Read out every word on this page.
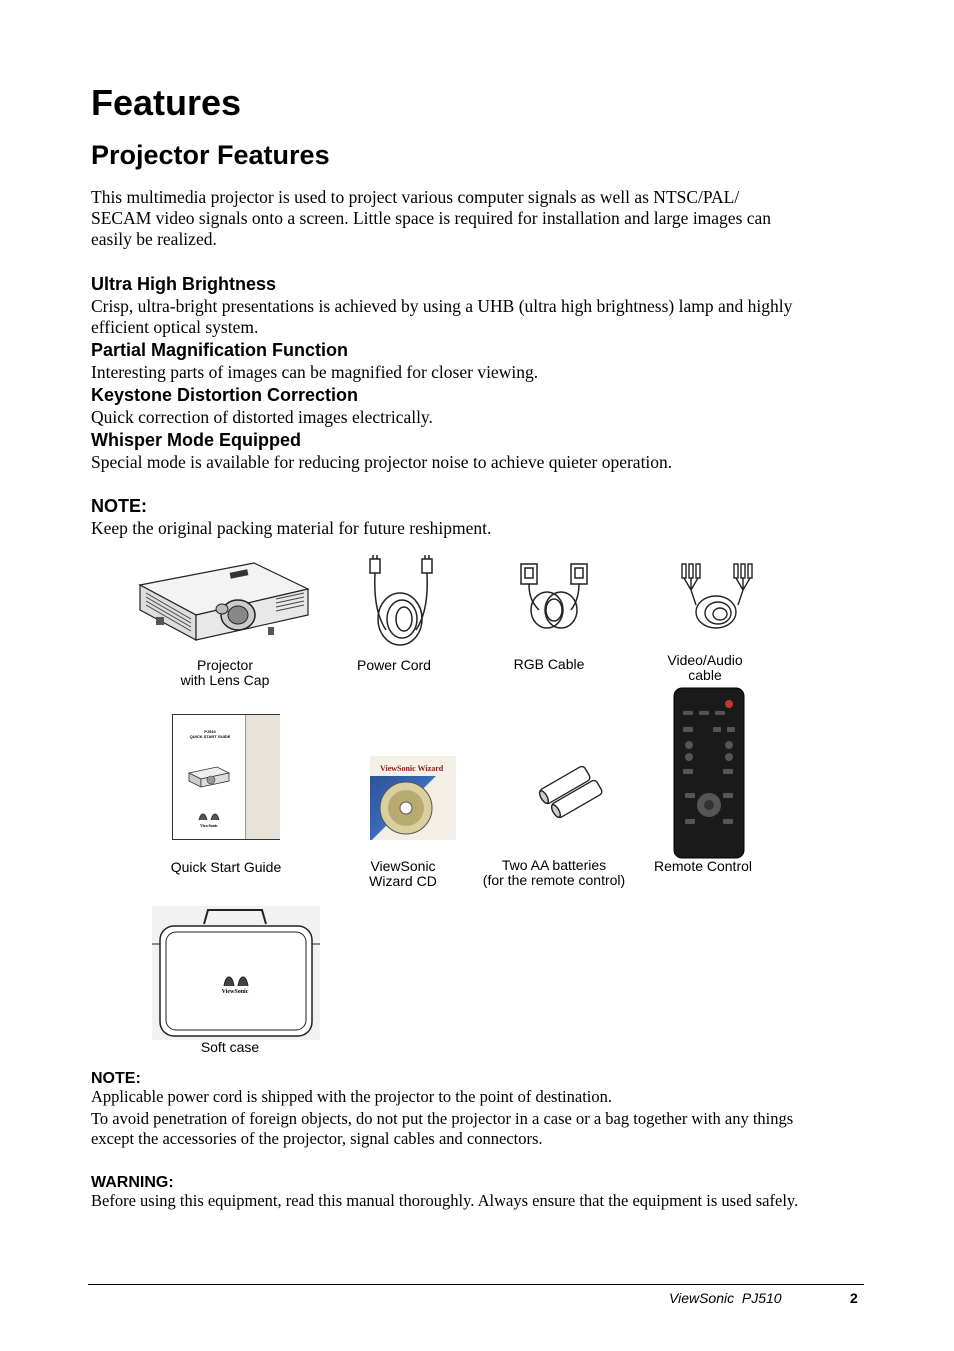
Features
Projector Features
This multimedia projector is used to project various computer signals as well as NTSC/PAL/
SECAM video signals onto a screen. Little space is required for installation and large images can
easily be realized.
Ultra High Brightness
Crisp, ultra-bright presentations is achieved by using a UHB (ultra high brightness) lamp and highly
efficient optical system.
Partial Magnification Function
Interesting parts of images can be magnified for closer viewing.
Keystone Distortion Correction
Quick correction of distorted images electrically.
Whisper Mode Equipped
Special mode is available for reducing projector noise to achieve quieter operation.
NOTE:
Keep the original packing material for future reshipment.
Projector
with Lens Cap
Power Cord	RGB Cable	Video/Audio
cable
PJ510
QUICK START GUIDE
ViewSonic
Quick Start Guide
ViewSonic Wizard
ViewSonic
Wizard CD
Two AA batteries
(for the remote control)
Remote Control
ViewSonic
Soft case
NOTE:
Applicable power cord is shipped with the projector to the point of destination.
To avoid penetration of foreign objects, do not put the projector in a case or a bag together with any things
except the accessories of the projector, signal cables and connectors.
WARNING:
Before using this equipment, read this manual thoroughly. Always ensure that the equipment is used safely.
ViewSonic  PJ510	2
